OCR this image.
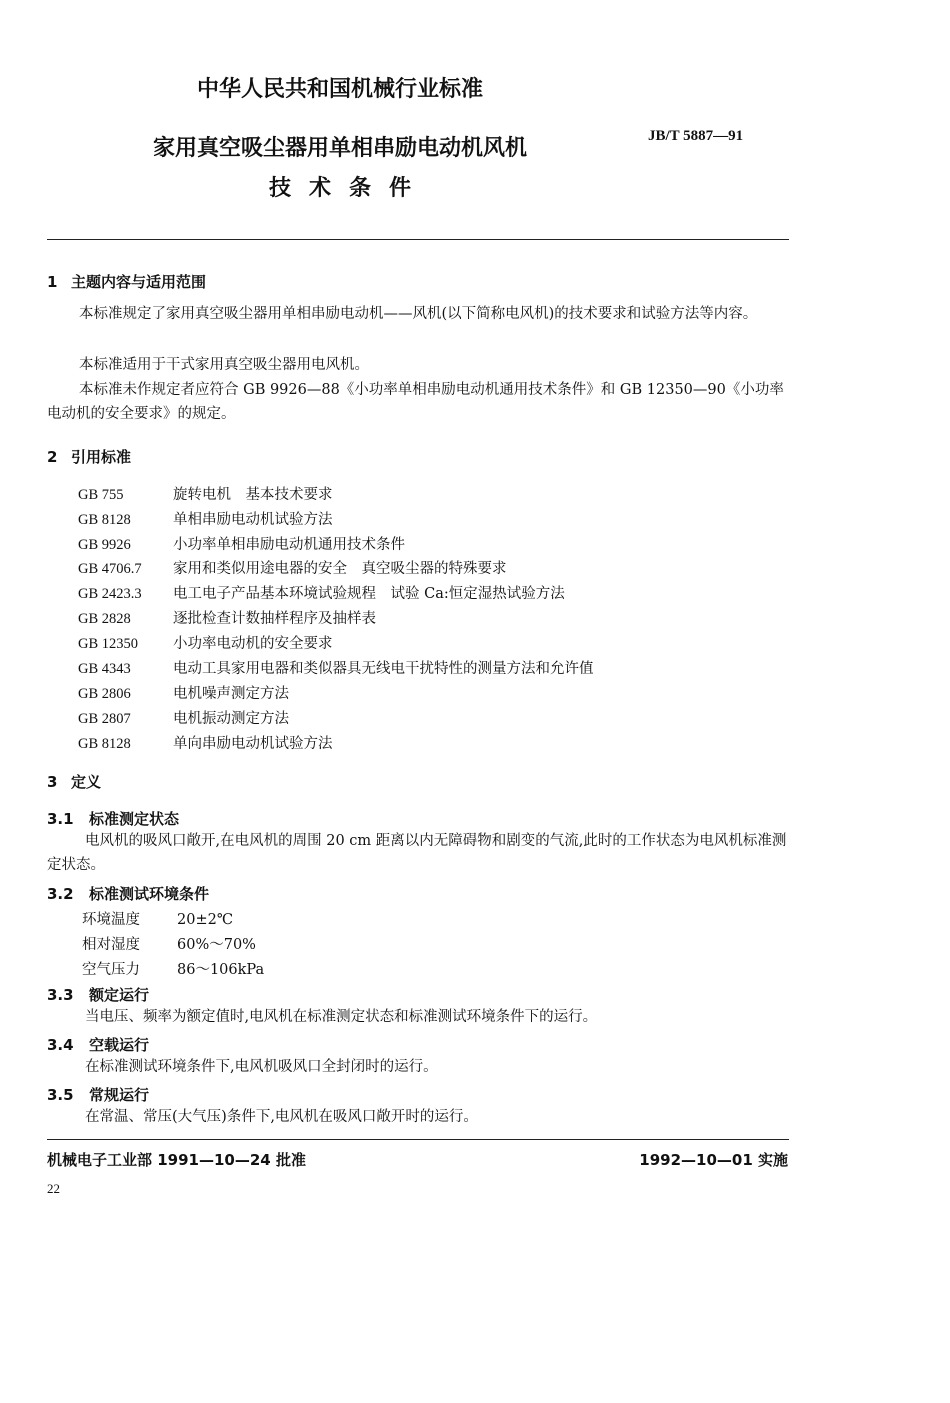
中华人民共和国机械行业标准
家用真空吸尘器用单相串励电动机风机
技术条件
JB/T 5887—91
1 主题内容与适用范围
本标准规定了家用真空吸尘器用单相串励电动机——风机(以下简称电风机)的技术要求和试验方法等内容。
本标准适用于干式家用真空吸尘器用电风机。
本标准未作规定者应符合 GB 9926—88《小功率单相串励电动机通用技术条件》和 GB 12350—90《小功率电动机的安全要求》的规定。
2 引用标准
GB 755	旋转电机　基本技术要求
GB 8128	单相串励电动机试验方法
GB 9926	小功率单相串励电动机通用技术条件
GB 4706.7 家用和类似用途电器的安全　真空吸尘器的特殊要求
GB 2423.3 电工电子产品基本环境试验规程　试验 Ca:恒定湿热试验方法
GB 2828	逐批检查计数抽样程序及抽样表
GB 12350 小功率电动机的安全要求
GB 4343	电动工具家用电器和类似器具无线电干扰特性的测量方法和允许值
GB 2806	电机噪声测定方法
GB 2807	电机振动测定方法
GB 8128	单向串励电动机试验方法
3 定义
3.1 标准测定状态
电风机的吸风口敞开,在电风机的周围 20 cm 距离以内无障碍物和剧变的气流,此时的工作状态为电风机标准测定状态。
3.2 标准测试环境条件
环境温度	20±2℃
相对湿度	60%～70%
空气压力	86～106kPa
3.3 额定运行
当电压、频率为额定值时,电风机在标准测定状态和标准测试环境条件下的运行。
3.4 空载运行
在标准测试环境条件下,电风机吸风口全封闭时的运行。
3.5 常规运行
在常温、常压(大气压)条件下,电风机在吸风口敞开时的运行。
机械电子工业部 1991—10—24 批准	1992—10—01 实施
22
